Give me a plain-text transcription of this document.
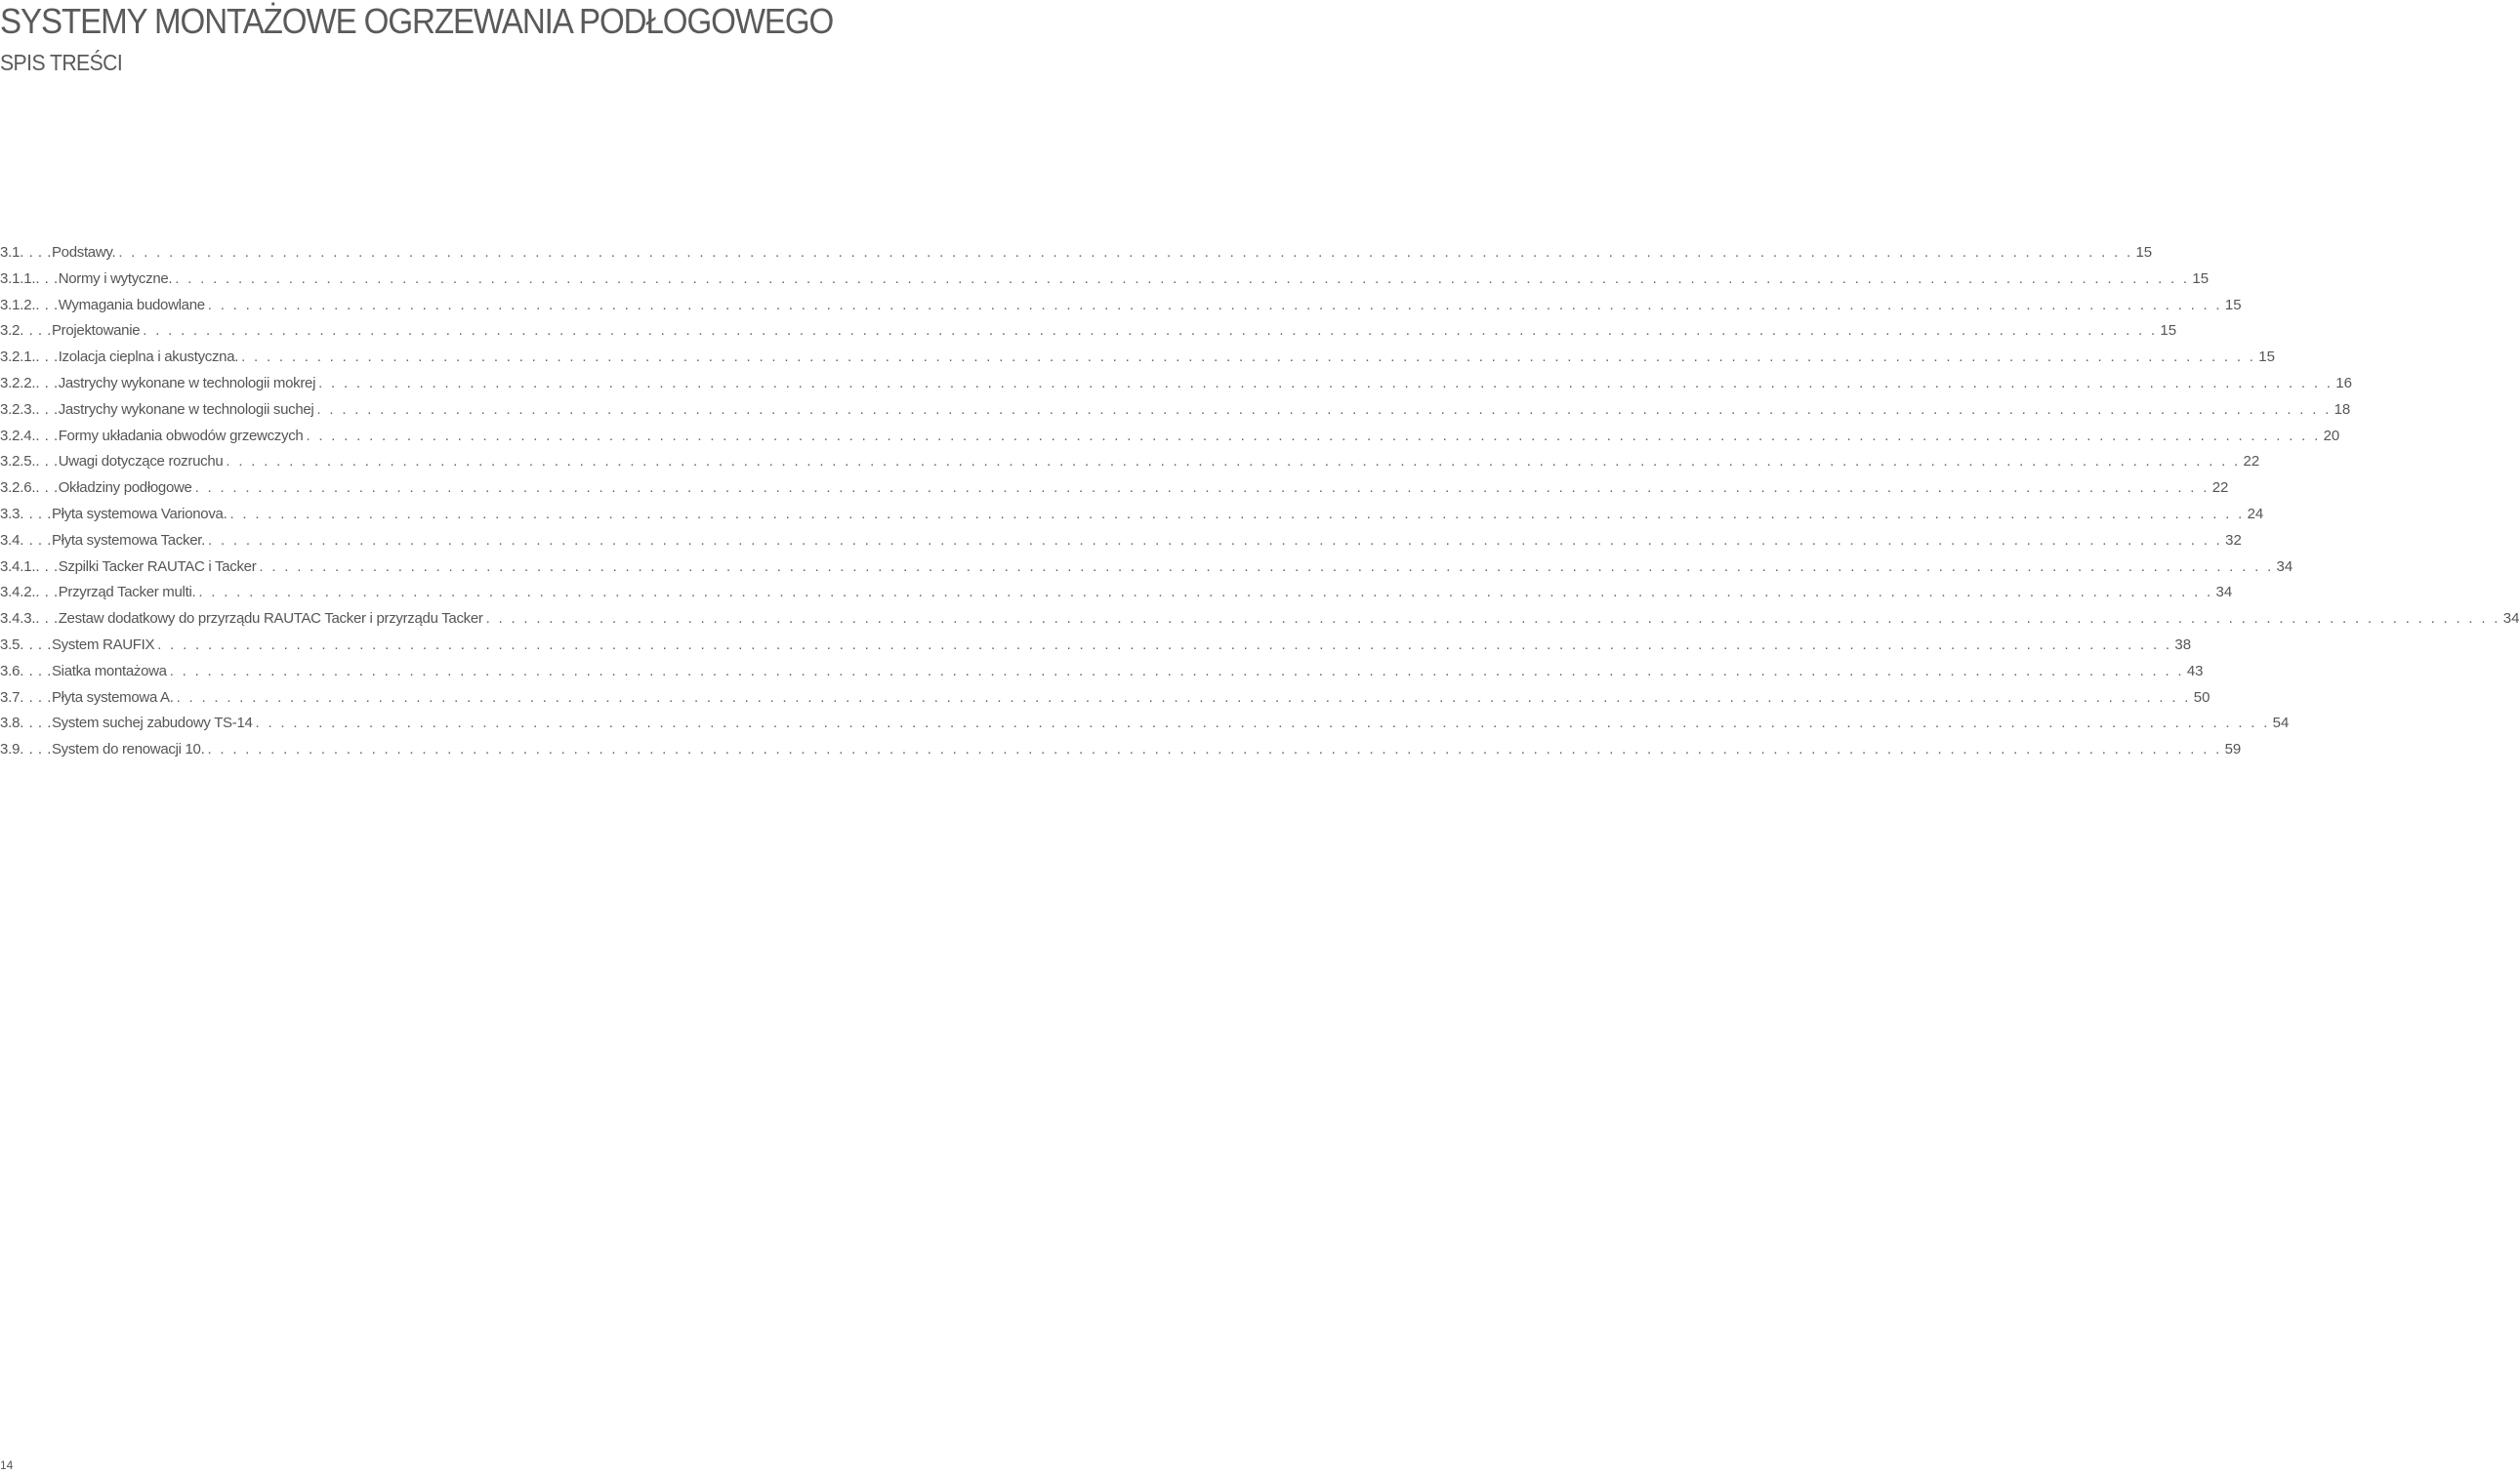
SYSTEMY MONTAŻOWE OGRZEWANIA PODŁOGOWEGO
SPIS TREŚCI
3.1 . . . . Podstawy. . . . . . . . . . . . . . . . . . . . . . . . . . . . . . . . . . . . . . . . . . . . . . . . . . . . . . . . . . . . . . . . . . . . . . . . . . . . . . . . . . . . . . . . . . . . . . . . . . . . . . . . . . . . . . . . . . . . . . . . . . . . . . . . . . . . . . . . . . . . . . . . . . . . . . . . . . . . . . . . . 15
3.1.1. . . . Normy i wytyczne. . . . . . . . . . . . . . . . . . . . . . . . . . . . . . . . . . . . . . . . . . . . . . . . . . . . . . . . . . . . . . . . . . . . . . . . . . . . . . . . . . . . . . . . . . . . . . . . . . . . . . . . . . . . . . . . . . . . . . . . . . . . . . . . . . . . . . . . . . . . . . . . . . . . . . . . . . . . . . . . . 15
3.1.2. . . . Wymagania budowlane . . . . . . . . . . . . . . . . . . . . . . . . . . . . . . . . . . . . . . . . . . . . . . . . . . . . . . . . . . . . . . . . . . . . . . . . . . . . . . . . . . . . . . . . . . . . . . . . . . . . . . . . . . . . . . . . . . . . . . . . . . . . . . . . . . . . . . . . . . . . . . . . . . . . . . . . . . . . . . . . 15
3.2 . . . . Projektowanie . . . . . . . . . . . . . . . . . . . . . . . . . . . . . . . . . . . . . . . . . . . . . . . . . . . . . . . . . . . . . . . . . . . . . . . . . . . . . . . . . . . . . . . . . . . . . . . . . . . . . . . . . . . . . . . . . . . . . . . . . . . . . . . . . . . . . . . . . . . . . . . . . . . . . . . . . . . . . . . . 15
3.2.1. . . . Izolacja cieplna i akustyczna. . . . . . . . . . . . . . . . . . . . . . . . . . . . . . . . . . . . . . . . . . . . . . . . . . . . . . . . . . . . . . . . . . . . . . . . . . . . . . . . . . . . . . . . . . . . . . . . . . . . . . . . . . . . . . . . . . . . . . . . . . . . . . . . . . . . . . . . . . . . . . . . . . . . . . . . . . . . . . . . . 15
3.2.2. . . . Jastrychy wykonane w technologii mokrej . . . . . . . . . . . . . . . . . . . . . . . . . . . . . . . . . . . . . . . . . . . . . . . . . . . . . . . . . . . . . . . . . . . . . . . . . . . . . . . . . . . . . . . . . . . . . . . . . . . . . . . . . . . . . . . . . . . . . . . . . . . . . . . . . . . . . . . . . . . . . . . . . . . . . . . . . . . . . . . . 16
3.2.3. . . . Jastrychy wykonane w technologii suchej . . . . . . . . . . . . . . . . . . . . . . . . . . . . . . . . . . . . . . . . . . . . . . . . . . . . . . . . . . . . . . . . . . . . . . . . . . . . . . . . . . . . . . . . . . . . . . . . . . . . . . . . . . . . . . . . . . . . . . . . . . . . . . . . . . . . . . . . . . . . . . . . . . . . . . . . . . . . . . . . 18
3.2.4. . . . Formy układania obwodów grzewczych . . . . . . . . . . . . . . . . . . . . . . . . . . . . . . . . . . . . . . . . . . . . . . . . . . . . . . . . . . . . . . . . . . . . . . . . . . . . . . . . . . . . . . . . . . . . . . . . . . . . . . . . . . . . . . . . . . . . . . . . . . . . . . . . . . . . . . . . . . . . . . . . . . . . . . . . . . . . . . . . 20
3.2.5. . . . Uwagi dotyczące rozruchu . . . . . . . . . . . . . . . . . . . . . . . . . . . . . . . . . . . . . . . . . . . . . . . . . . . . . . . . . . . . . . . . . . . . . . . . . . . . . . . . . . . . . . . . . . . . . . . . . . . . . . . . . . . . . . . . . . . . . . . . . . . . . . . . . . . . . . . . . . . . . . . . . . . . . . . . . . . . . . . . 22
3.2.6. . . . Okładziny podłogowe . . . . . . . . . . . . . . . . . . . . . . . . . . . . . . . . . . . . . . . . . . . . . . . . . . . . . . . . . . . . . . . . . . . . . . . . . . . . . . . . . . . . . . . . . . . . . . . . . . . . . . . . . . . . . . . . . . . . . . . . . . . . . . . . . . . . . . . . . . . . . . . . . . . . . . . . . . . . . . . . 22
3.3 . . . . Płyta systemowa Varionova. . . . . . . . . . . . . . . . . . . . . . . . . . . . . . . . . . . . . . . . . . . . . . . . . . . . . . . . . . . . . . . . . . . . . . . . . . . . . . . . . . . . . . . . . . . . . . . . . . . . . . . . . . . . . . . . . . . . . . . . . . . . . . . . . . . . . . . . . . . . . . . . . . . . . . . . . . . . . . . . . 24
3.4 . . . . Płyta systemowa Tacker. . . . . . . . . . . . . . . . . . . . . . . . . . . . . . . . . . . . . . . . . . . . . . . . . . . . . . . . . . . . . . . . . . . . . . . . . . . . . . . . . . . . . . . . . . . . . . . . . . . . . . . . . . . . . . . . . . . . . . . . . . . . . . . . . . . . . . . . . . . . . . . . . . . . . . . . . . . . . . . . . 32
3.4.1. . . . Szpilki Tacker RAUTAC i Tacker . . . . . . . . . . . . . . . . . . . . . . . . . . . . . . . . . . . . . . . . . . . . . . . . . . . . . . . . . . . . . . . . . . . . . . . . . . . . . . . . . . . . . . . . . . . . . . . . . . . . . . . . . . . . . . . . . . . . . . . . . . . . . . . . . . . . . . . . . . . . . . . . . . . . . . . . . . . . . . . . 34
3.4.2. . . . Przyrząd Tacker multi. . . . . . . . . . . . . . . . . . . . . . . . . . . . . . . . . . . . . . . . . . . . . . . . . . . . . . . . . . . . . . . . . . . . . . . . . . . . . . . . . . . . . . . . . . . . . . . . . . . . . . . . . . . . . . . . . . . . . . . . . . . . . . . . . . . . . . . . . . . . . . . . . . . . . . . . . . . . . . . . . 34
3.4.3. . . . Zestaw dodatkowy do przyrządu RAUTAC Tacker i przyrządu Tacker . . . . . . . . . . . . . . . . . . . . . . . . . . . . . . . . . . . . . . . . . . . . . . . . . . . . . . . . . . . . . . . . . . . . . . . . . . . . . . . . . . . . . . . . . . . . . . . . . . . . . . . . . . . . . . . . . . . . . . . . . . . . . . . . . . . . . . . . . . . . . . . . . . . . . . . . . . . . . . . . 34
3.5 . . . . System RAUFIX . . . . . . . . . . . . . . . . . . . . . . . . . . . . . . . . . . . . . . . . . . . . . . . . . . . . . . . . . . . . . . . . . . . . . . . . . . . . . . . . . . . . . . . . . . . . . . . . . . . . . . . . . . . . . . . . . . . . . . . . . . . . . . . . . . . . . . . . . . . . . . . . . . . . . . . . . . . . . . . . 38
3.6 . . . . Siatka montażowa . . . . . . . . . . . . . . . . . . . . . . . . . . . . . . . . . . . . . . . . . . . . . . . . . . . . . . . . . . . . . . . . . . . . . . . . . . . . . . . . . . . . . . . . . . . . . . . . . . . . . . . . . . . . . . . . . . . . . . . . . . . . . . . . . . . . . . . . . . . . . . . . . . . . . . . . . . . . . . . . 43
3.7 . . . . Płyta systemowa A. . . . . . . . . . . . . . . . . . . . . . . . . . . . . . . . . . . . . . . . . . . . . . . . . . . . . . . . . . . . . . . . . . . . . . . . . . . . . . . . . . . . . . . . . . . . . . . . . . . . . . . . . . . . . . . . . . . . . . . . . . . . . . . . . . . . . . . . . . . . . . . . . . . . . . . . . . . . . . . . . 50
3.8 . . . . System suchej zabudowy TS-14 . . . . . . . . . . . . . . . . . . . . . . . . . . . . . . . . . . . . . . . . . . . . . . . . . . . . . . . . . . . . . . . . . . . . . . . . . . . . . . . . . . . . . . . . . . . . . . . . . . . . . . . . . . . . . . . . . . . . . . . . . . . . . . . . . . . . . . . . . . . . . . . . . . . . . . . . . . . . . . . . 54
3.9 . . . . System do renowacji 10. . . . . . . . . . . . . . . . . . . . . . . . . . . . . . . . . . . . . . . . . . . . . . . . . . . . . . . . . . . . . . . . . . . . . . . . . . . . . . . . . . . . . . . . . . . . . . . . . . . . . . . . . . . . . . . . . . . . . . . . . . . . . . . . . . . . . . . . . . . . . . . . . . . . . . . . . . . . . . . . . 59
14
